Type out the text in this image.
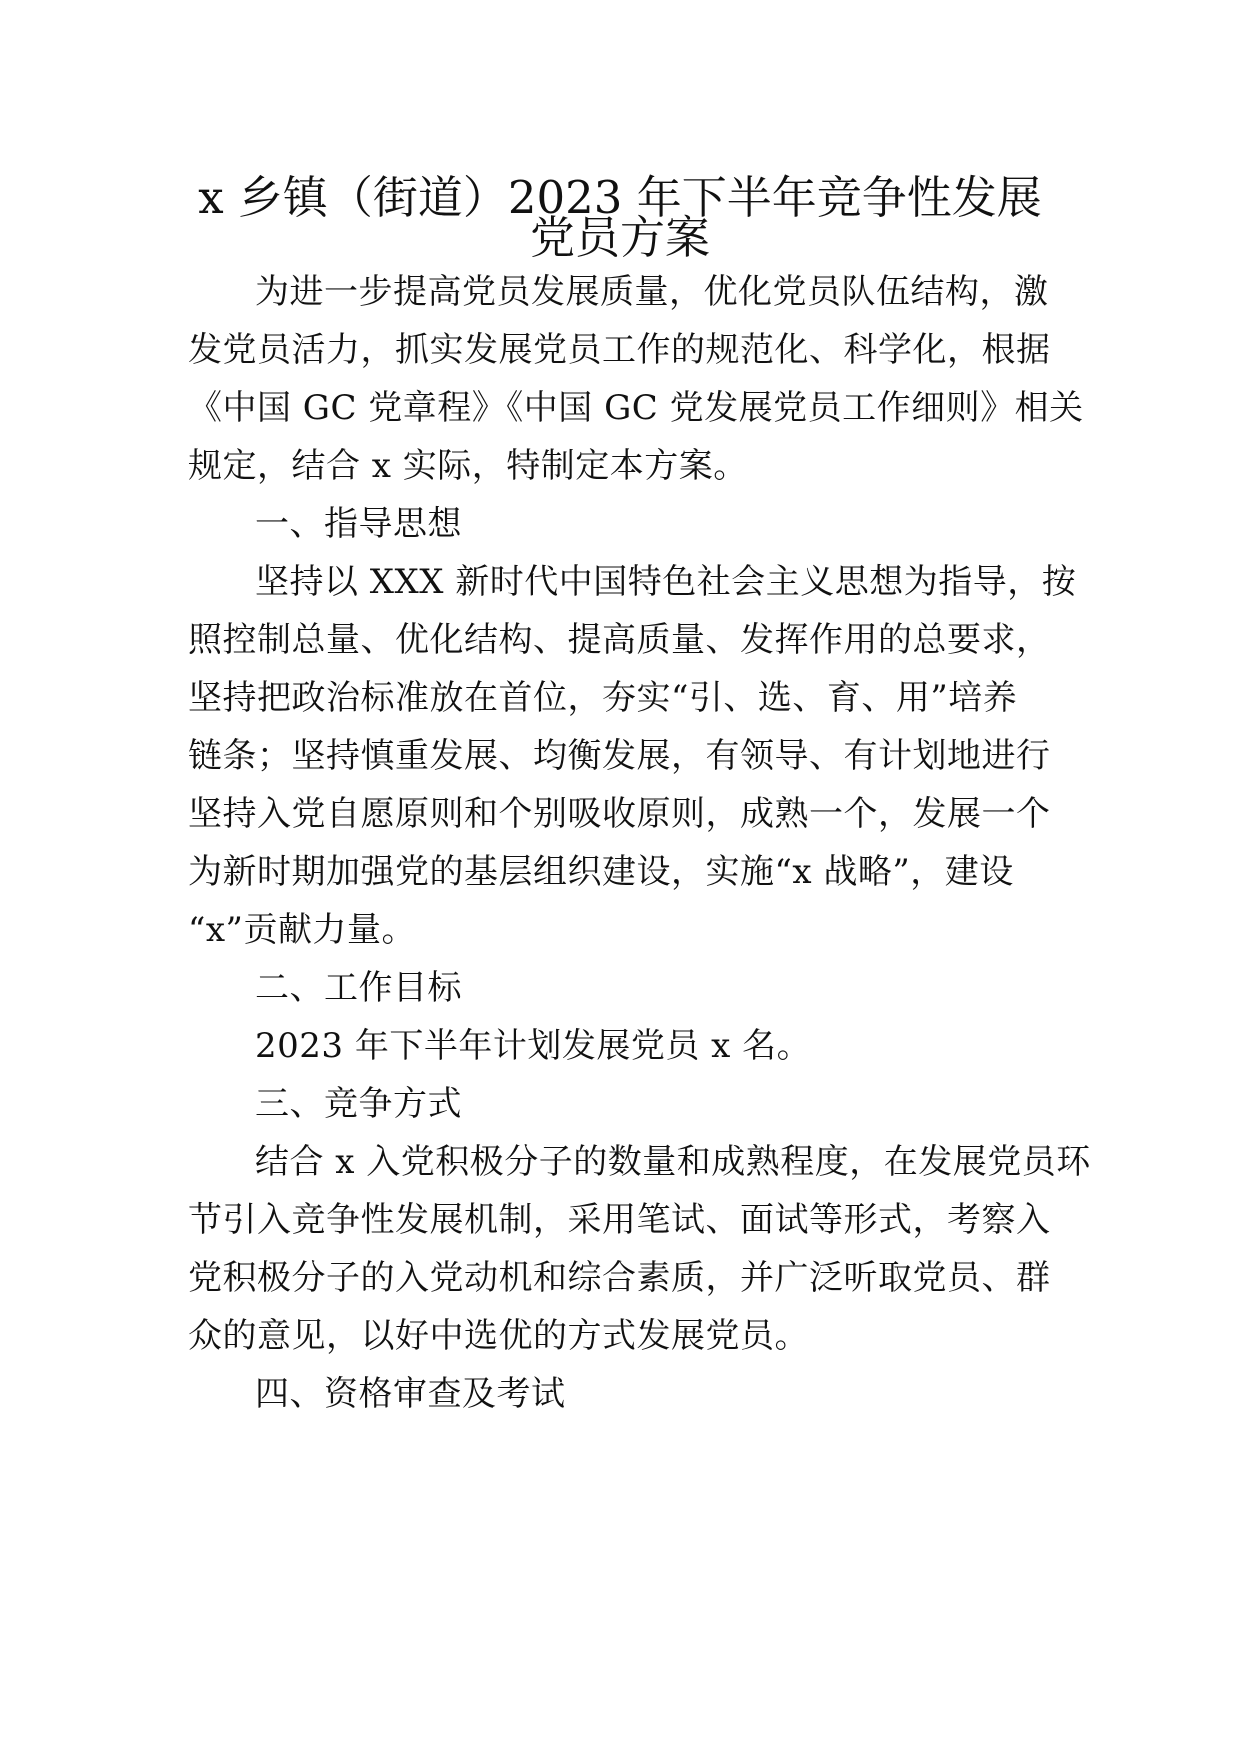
x 乡镇（街道）2023 年下半年竞争性发展
党员方案
为进一步提高党员发展质量，优化党员队伍结构，激
发党员活力，抓实发展党员工作的规范化、科学化，根据
《中国 GC 党章程》《中国 GC 党发展党员工作细则》相关
规定，结合 x 实际，特制定本方案。
一、指导思想
坚持以 XXX 新时代中国特色社会主义思想为指导，按
照控制总量、优化结构、提高质量、发挥作用的总要求，
坚持把政治标准放在首位，夯实“引、选、育、用”培养
链条；坚持慎重发展、均衡发展，有领导、有计划地进行
坚持入党自愿原则和个别吸收原则，成熟一个，发展一个
为新时期加强党的基层组织建设，实施“x 战略”，建设
“x”贡献力量。
二、工作目标
2023 年下半年计划发展党员 x 名。
三、竞争方式
结合 x 入党积极分子的数量和成熟程度，在发展党员环
节引入竞争性发展机制，采用笔试、面试等形式，考察入
党积极分子的入党动机和综合素质，并广泛听取党员、群
众的意见，以好中选优的方式发展党员。
四、资格审查及考试
